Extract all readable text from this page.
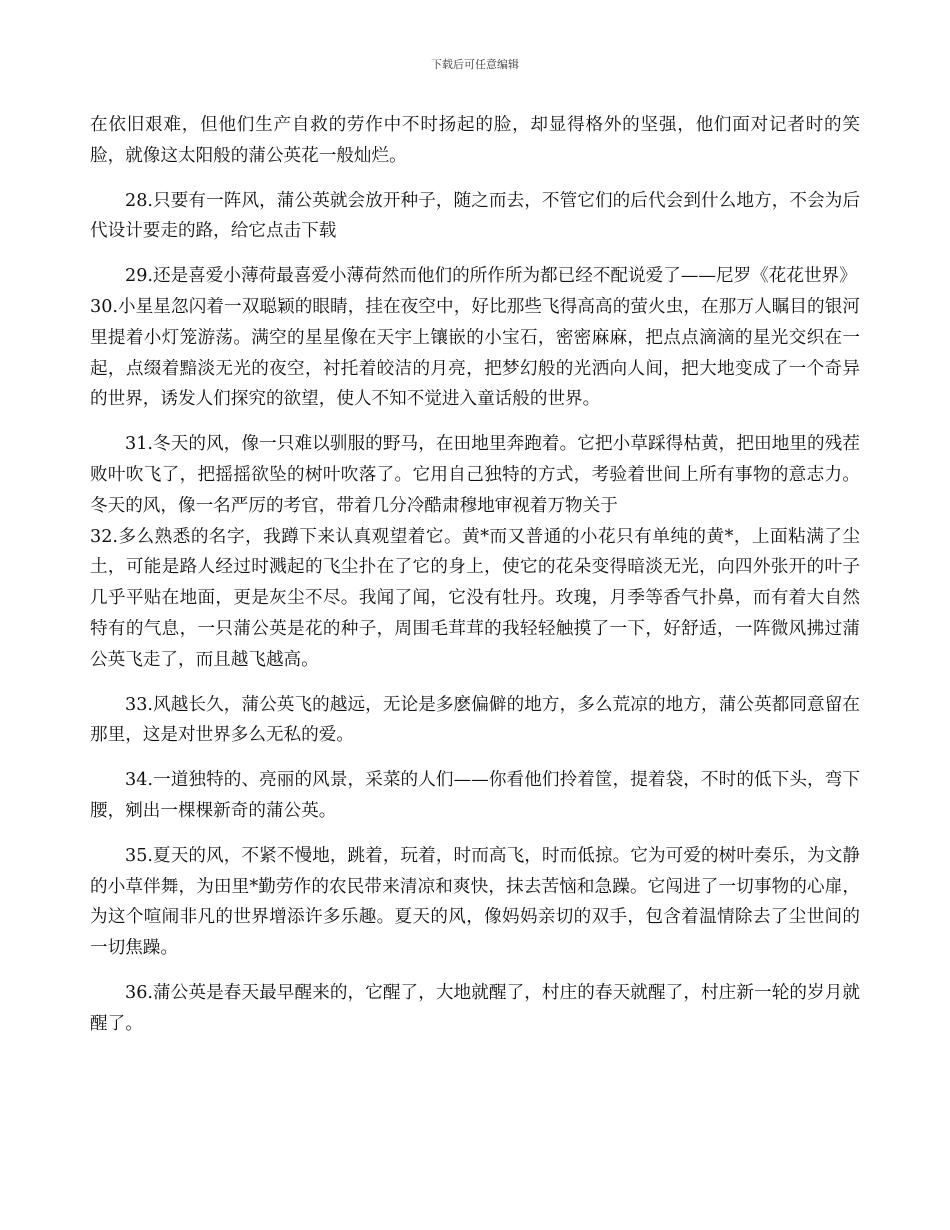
下载后可任意编辑

在依旧艰难，但他们生产自救的劳作中不时扬起的脸，却显得格外的坚强，他们面对记者时的笑脸，就像这太阳般的蒲公英花一般灿烂。

28.只要有一阵风，蒲公英就会放开种子，随之而去，不管它们的后代会到什么地方，不会为后代设计要走的路，给它点击下载

29.还是喜爱小薄荷最喜爱小薄荷然而他们的所作所为都已经不配说爱了——尼罗《花花世界》

30.小星星忽闪着一双聪颖的眼睛，挂在夜空中，好比那些飞得高高的萤火虫，在那万人瞩目的银河里提着小灯笼游荡。满空的星星像在天宇上镶嵌的小宝石，密密麻麻，把点点滴滴的星光交织在一起，点缀着黯淡无光的夜空，衬托着皎洁的月亮，把梦幻般的光洒向人间，把大地变成了一个奇异的世界，诱发人们探究的欲望，使人不知不觉进入童话般的世界。

31.冬天的风，像一只难以驯服的野马，在田地里奔跑着。它把小草踩得枯黄，把田地里的残茬败叶吹飞了，把摇摇欲坠的树叶吹落了。它用自己独特的方式，考验着世间上所有事物的意志力。冬天的风，像一名严厉的考官，带着几分冷酷肃穆地审视着万物关于

32.多么熟悉的名字，我蹲下来认真观望着它。黄*而又普通的小花只有单纯的黄*，上面粘满了尘土，可能是路人经过时溅起的飞尘扑在了它的身上，使它的花朵变得暗淡无光，向四外张开的叶子几乎平贴在地面，更是灰尘不尽。我闻了闻，它没有牡丹。玫瑰，月季等香气扑鼻，而有着大自然特有的气息，一只蒲公英是花的种子，周围毛茸茸的我轻轻触摸了一下，好舒适，一阵微风拂过蒲公英飞走了，而且越飞越高。

33.风越长久，蒲公英飞的越远，无论是多麽偏僻的地方，多么荒凉的地方，蒲公英都同意留在那里，这是对世界多么无私的爱。

34.一道独特的、亮丽的风景，采菜的人们——你看他们拎着筐，提着袋，不时的低下头，弯下腰，剜出一棵棵新奇的蒲公英。

35.夏天的风，不紧不慢地，跳着，玩着，时而高飞，时而低掠。它为可爱的树叶奏乐，为文静的小草伴舞，为田里*勤劳作的农民带来清凉和爽快，抹去苦恼和急躁。它闯进了一切事物的心扉，为这个喧闹非凡的世界增添许多乐趣。夏天的风，像妈妈亲切的双手，包含着温情除去了尘世间的一切焦躁。

36.蒲公英是春天最早醒来的，它醒了，大地就醒了，村庄的春天就醒了，村庄新一轮的岁月就醒了。
